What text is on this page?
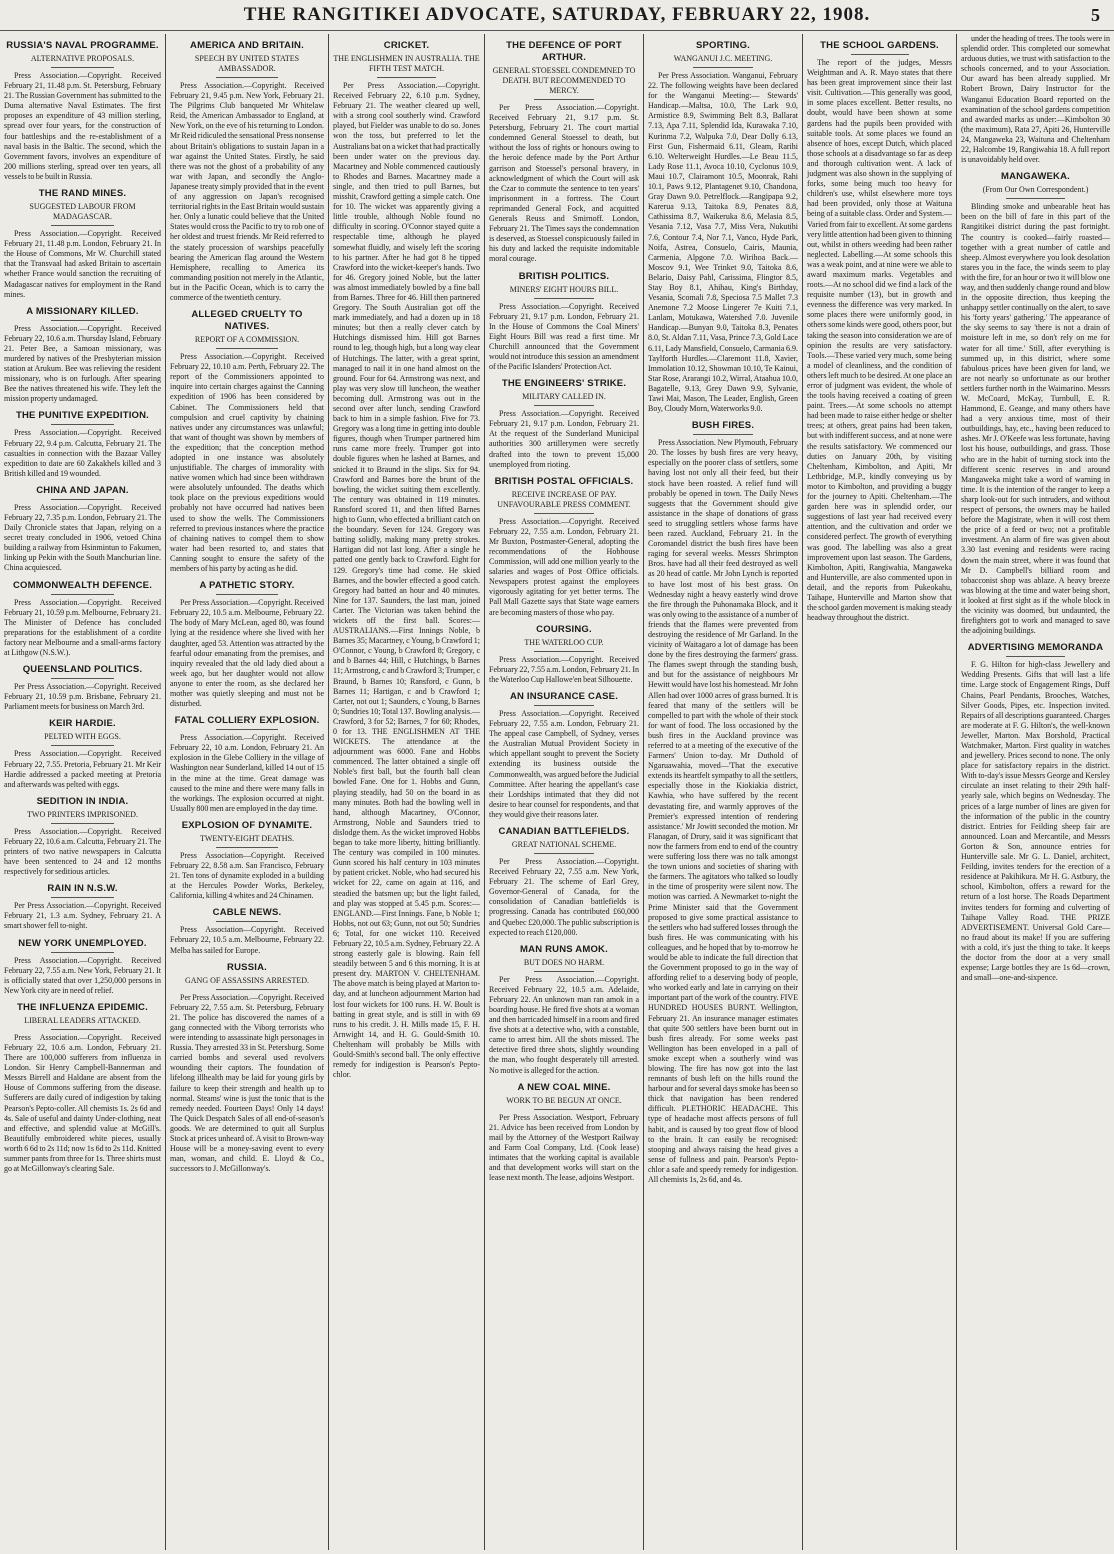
THE RANGITIKEI ADVOCATE, SATURDAY, FEBRUARY 22, 1908.	5
RUSSIA'S NAVAL PROGRAMME.
ALTERNATIVE PROPOSALS.
Press Association.—Copyright. Received February 21, 11.48 p.m. St. Petersburg, February 21. The Russian Government has submitted to the Duma alternative Naval Estimates. The first proposes an expenditure of 43 million sterling, spread over four years, for the construction of four battleships and the re-establishment of a naval basis in the Baltic. The second, which the Government favors, involves an expenditure of 200 millions sterling, spread over ten years, all vessels to be built in Russia.
THE RAND MINES.
SUGGESTED LABOUR FROM MADAGASCAR.
Press Association.—Copyright. Received February 21, 11.48 p.m. London, February 21. In the House of Commons, Mr W. Churchill stated that the Transvaal had asked Britain to ascertain whether France would sanction the recruiting of Madagascar natives for employment in the Rand mines.
A MISSIONARY KILLED.
Press Association.—Copyright. Received February 22, 10.6 a.m. Thursday Island, February 21. Peter Bee, a Samoan missionary, was murdered by natives of the Presbyterian mission station at Arukum. Bee was relieving the resident missionary, who is on furlough. After spearing Bee the natives threatened his wife. They left the mission property undamaged.
THE PUNITIVE EXPEDITION.
Press Association.—Copyright. Received February 22, 9.4 p.m. Calcutta, February 21. The casualties in connection with the Bazaar Valley expedition to date are 60 Zakakhels killed and 3 British killed and 19 wounded.
CHINA AND JAPAN.
Press Association.—Copyright. Received February 22, 7.35 p.m. London, February 21. The Daily Chronicle states that Japan, relying on a secret treaty concluded in 1906, vetoed China building a railway from Hsinmintun to Fakumen, linking up Pekin with the South Manchurian line. China acquiesced.
COMMONWEALTH DEFENCE.
Press Association.—Copyright. Received February 21, 10.59 p.m. Melbourne, February 21. The Minister of Defence has concluded preparations for the establishment of a cordite factory near Melbourne and a small-arms factory at Lithgow (N.S.W.).
QUEENSLAND POLITICS.
Per Press Association.—Copyright. Received February 21, 10.59 p.m. Brisbane, February 21. Parliament meets for business on March 3rd.
KEIR HARDIE.
PELTED WITH EGGS.
Press Association.—Copyright. Received February 22, 7.55. Pretoria, February 21. Mr Keir Hardie addressed a packed meeting at Pretoria and afterwards was pelted with eggs.
SEDITION IN INDIA.
TWO PRINTERS IMPRISONED.
Press Association.—Copyright. Received February 22, 10.6 a.m. Calcutta, February 21. The printers of two native newspapers in Calcutta have been sentenced to 24 and 12 months respectively for seditious articles.
RAIN IN N.S.W.
Per Press Association.—Copyright. Received February 21, 1.3 a.m. Sydney, February 21. A smart shower fell to-night.
NEW YORK UNEMPLOYED.
Press Association.—Copyright. Received February 22, 7.55 a.m. New York, February 21. It is officially stated that over 1,250,000 persons in New York city are in need of relief.
THE INFLUENZA EPIDEMIC.
LIBERAL LEADERS ATTACKED.
Press Association.—Copyright. Received February 22, 10.6 a.m. London, February 21. There are 100,000 sufferers from influenza in London. Sir Henry Campbell-Bannerman and Messrs Birrell and Haldane are absent from the House of Commons suffering from the disease. Sufferers are daily cured of indigestion by taking Pearson's Pepto-coller. All chemists 1s. 2s 6d and 4s. Sale of useful and dainty Under-clothing, neat and effective, and splendid value at McGill's. Beautifully embroidered white pieces, usually worth 6 6d to 2s 11d; now 1s 6d to 2s 11d. Knitted summer pants from three for 1s. Three shirts must go at McGillonway's clearing Sale.
AMERICA AND BRITAIN.
SPEECH BY UNITED STATES AMBASSADOR.
Press Association.—Copyright. Received February 21, 9.45 p.m. New York, February 21. The Pilgrims Club banqueted Mr Whitelaw Reid, the American Ambassador to England, at New York, on the eve of his returning to London. Mr Reid ridiculed the sensational Press nonsense about Britain's obligations to sustain Japan in a war against the United States. Firstly, he said there was not the ghost of a probability of any war with Japan, and secondly the Anglo-Japanese treaty simply provided that in the event of any aggression on Japan's recognised territorial rights in the East Britain would sustain her. Only a lunatic could believe that the United States would cross the Pacific to try to rob one of her oldest and truest friends. Mr Reid referred to the stately procession of warships peacefully bearing the American flag around the Western Hemisphere, recalling to America its commanding position not merely in the Atlantic, but in the Pacific Ocean, which is to carry the commerce of the twentieth century.
ALLEGED CRUELTY TO NATIVES.
REPORT OF A COMMISSION.
Press Association.—Copyright. Received February 22, 10.10 a.m. Perth, February 22. The report of the Commissioners appointed to inquire into certain charges against the Canning expedition of 1906 has been considered by Cabinet. The Commissioners held that compulsion and cruel captivity by chaining natives under any circumstances was unlawful; that want of thought was shown by members of the expedition; that the conception method adopted in one instance was absolutely unjustifiable. The charges of immorality with native women which had since been withdrawn were absolutely unfounded. The deaths which took place on the previous expeditions would probably not have occurred had natives been used to show the wells. The Commissioners referred to previous instances where the practice of chaining natives to compel them to show water had been resorted to, and states that Canning sought to ensure the safety of the members of his party by acting as he did.
A PATHETIC STORY.
Per Press Association.—Copyright. Received February 22, 10.5 a.m. Melbourne, February 22. The body of Mary McLean, aged 80, was found lying at the residence where she lived with her daughter, aged 53. Attention was attracted by the fearful odour emanating from the premises, and inquiry revealed that the old lady died about a week ago, but her daughter would not allow anyone to enter the room, as she declared her mother was quietly sleeping and must not be disturbed.
FATAL COLLIERY EXPLOSION.
Press Association.—Copyright. Received February 22, 10 a.m. London, February 21. An explosion in the Glebe Colliery in the village of Washington near Sunderland, killed 14 out of 15 in the mine at the time. Great damage was caused to the mine and there were many falls in the workings. The explosion occurred at night. Usually 800 men are employed in the day time.
EXPLOSION OF DYNAMITE.
TWENTY-EIGHT DEATHS.
Press Association—Copyright. Received February 22, 8.58 a.m. San Francisco, February 21. Ten tons of dynamite exploded in a building at the Hercules Powder Works, Berkeley, California, killing 4 whites and 24 Chinamen.
CABLE NEWS.
Press Association—Copyright. Received February 22, 10.5 a.m. Melbourne, February 22. Melba has sailed for Europe.
RUSSIA.
GANG OF ASSASSINS ARRESTED.
Per Press Association.—Copyright. Received February 22, 7.55 a.m. St. Petersburg, February 21. The police has discovered the names of a gang connected with the Viborg terrorists who were intending to assassinate high personages in Russia. They arrested 33 in St. Petersburg. Some carried bombs and several used revolvers wounding their captors. The foundation of lifelong illhealth may be laid for young girls by failure to keep their strength and health up to normal. Steams' wine is just the tonic that is the remedy needed. Fourteen Days! Only 14 days! The Quick Despatch Sales of all end-of-season's goods. We are determined to quit all Surplus Stock at prices unheard of. A visit to Brown-way House will be a money-saving event to every man, woman, and child. E. Lloyd & Co., successors to J. McGillonway's.
CRICKET.
THE ENGLISHMEN IN AUSTRALIA. THE FIFTH TEST MATCH.
Per Press Association.—Copyright. Received February 22, 6.10 p.m. Sydney, February 21. The weather cleared up well, with a strong cool southerly wind. Crawford played, but Fielder was unable to do so. Jones won the toss, but preferred to let the Australians bat on a wicket that had practically been under water on the previous day. Macartney and Noble commenced cautiously to Rhodes and Barnes. Macartney made a single, and then tried to pull Barnes, but misshit, Crawford getting a simple catch. One for 10. The wicket was apparently giving a little trouble, although Noble found no difficulty in scoring. O'Connor stayed quite a respectable time, although he played somewhat fluidly, and wisely left the scoring to his partner. After he had got 8 he tipped Crawford into the wicket-keeper's hands. Two for 46. Gregory joined Noble, but the latter was almost immediately bowled by a fine ball from Barnes. Three for 46. Hill then partnered Gregory. The South Australian got off the mark immediately, and had a dozen up in 18 minutes; but then a really clever catch by Hutchings dismissed him. Hill got Barnes round to leg, though high, but a long way clear of Hutchings. The latter, with a great sprint, managed to nail it in one hand almost on the ground. Four for 64. Armstrong was next, and play was very slow till luncheon, the weather becoming dull. Armstrong was out in the second over after lunch, sending Crawford back to him in a simple fashion. Five for 73. Gregory was a long time in getting into double figures, though when Trumper partnered him runs came more freely. Trumper got into double figures when he lashed at Barnes, and snicked it to Braund in the slips. Six for 94. Crawford and Barnes bore the brunt of the bowling, the wicket suiting them excellently. The century was obtained in 119 minutes. Ransford scored 11, and then lifted Barnes high to Gunn, who effected a brilliant catch on the boundary. Seven for 124. Gregory was batting solidly, making many pretty strokes. Hartigan did not last long. After a single he patted one gently back to Crawford. Eight for 129. Gregory's time had come. He skied Barnes, and the bowler effected a good catch. Gregory had batted an hour and 40 minutes. Nine for 137. Saunders, the last man, joined Carter. The Victorian was taken behind the wickets off the first ball. Scores:— AUSTRALIANS.—First Innings Noble, b Barnes 35; Macartney, c Young, b Crawford 1; O'Connor, c Young, b Crawford 8; Gregory, c and b Barnes 44; Hill, c Hutchings, b Barnes 11; Armstrong, c and b Crawford 3; Trumper, c Braund, b Barnes 10; Ransford, c Gunn, b Barnes 11; Hartigan, c and b Crawford 1; Carter, not out 1; Saunders, c Young, b Barnes 0; Sundries 10; Total 137. Bowling analysis.—Crawford, 3 for 52; Barnes, 7 for 60; Rhodes, 0 for 13. THE ENGLISHMEN AT THE WICKETS. The attendance at the adjournment was 6000. Fane and Hobbs commenced. The latter obtained a single off Noble's first ball, but the fourth ball clean bowled Fane. One for 1. Hobbs and Gunn, playing steadily, had 50 on the board in as many minutes. Both had the bowling well in hand, although Macartney, O'Connor, Armstrong, Noble and Saunders tried to dislodge them. As the wicket improved Hobbs began to take more liberty, hitting brilliantly. The century was compiled in 100 minutes. Gunn scored his half century in 103 minutes by patient cricket. Noble, who had secured his wicket for 22, came on again at 116, and steadied the batsmen up; but the light failed, and play was stopped at 5.45 p.m. Scores:— ENGLAND.—First Innings. Fane, b Noble 1; Hobbs, not out 63; Gunn, not out 50; Sundries 6; Total, for one wicket 110. Received February 22, 10.5 a.m. Sydney, February 22. A strong easterly gale is blowing. Rain fell steadily between 5 and 6 this morning. It is at present dry. MARTON V. CHELTENHAM. The above match is being played at Marton to-day, and at luncheon adjournment Marton had lost four wickets for 100 runs. H. W. Boult is batting in great style, and is still in with 69 runs to his credit. J. H. Mills made 15, F. H. Arnwight 14, and H. G. Gould-Smith 10. Cheltenham will probably be Mills with Gould-Smith's second ball. The only effective remedy for indigestion is Pearson's Pepto-chlor.
THE DEFENCE OF PORT ARTHUR.
GENERAL STOESSEL CONDEMNED TO DEATH. BUT RECOMMENDED TO MERCY.
Per Press Association.—Copyright. Received February 21, 9.17 p.m. St. Petersburg, February 21. The court martial condemned General Stoessel to death, but without the loss of rights or honours owing to the heroic defence made by the Port Arthur garrison and Stoessel's personal bravery, in acknowledgment of which the Court will ask the Czar to commute the sentence to ten years' imprisonment in a fortress. The Court reprimanded General Fock, and acquitted Generals Reuss and Smirnoff. London, February 21. The Times says the condemnation is deserved, as Stoessel conspicuously failed in his duty and lacked the requisite indomitable moral courage.
BRITISH POLITICS.
MINERS' EIGHT HOURS BILL.
Press Association.—Copyright. Received February 21, 9.17 p.m. London, February 21. In the House of Commons the Coal Miners' Eight Hours Bill was read a first time. Mr Churchill announced that the Government would not introduce this session an amendment of the Pacific Islanders' Protection Act.
THE ENGINEERS' STRIKE.
MILITARY CALLED IN.
Press Association.—Copyright. Received February 21, 9.17 p.m. London, February 21. At the request of the Sunderland Municipal authorities 300 artillerymen were secretly drafted into the town to prevent 15,000 unemployed from rioting.
BRITISH POSTAL OFFICIALS.
RECEIVE INCREASE OF PAY. UNFAVOURABLE PRESS COMMENT.
Press Association.—Copyright. Received February 22, 7.55 a.m. London, February 21. Mr Buxton, Postmaster-General, adopting the recommendations of the Hobhouse Commission, will add one million yearly to the salaries and wages of Post Office officials. Newspapers protest against the employees vigorously agitating for yet better terms. The Pall Mall Gazette says that State wage earners are becoming masters of those who pay.
COURSING.
THE WATERLOO CUP.
Press Association.—Copyright. Received February 22, 7.55 a.m. London, February 21. In the Waterloo Cup Hallowe'en beat Silhouette.
AN INSURANCE CASE.
Press Association.—Copyright. Received February 22, 7.55 a.m. London, February 21. The appeal case Campbell, of Sydney, verses the Australian Mutual Provident Society in which appellant sought to prevent the Society extending its business outside the Commonwealth, was argued before the Judicial Committee. After hearing the appellant's case their Lordships intimated that they did not desire to hear counsel for respondents, and that they would give their reasons later.
CANADIAN BATTLEFIELDS.
GREAT NATIONAL SCHEME.
Per Press Association.—Copyright. Received February 22, 7.55 a.m. New York, February 21. The scheme of Earl Grey, Governor-General of Canada, for the consolidation of Canadian battlefields is progressing. Canada has contributed £60,000 and Quebec £20,000. The public subscription is expected to reach £120,000.
MAN RUNS AMOK.
BUT DOES NO HARM.
Per Press Association.—Copyright. Received February 22, 10.5 a.m. Adelaide, February 22. An unknown man ran amok in a boarding house. He fired five shots at a woman and then barricaded himself in a room and fired five shots at a detective who, with a constable, came to arrest him. All the shots missed. The detective fired three shots, slightly wounding the man, who fought desperately till arrested. No motive is alleged for the action.
A NEW COAL MINE.
WORK TO BE BEGUN AT ONCE.
Per Press Association. Westport, February 21. Advice has been received from London by mail by the Attorney of the Westport Railway and Farm Coal Company, Ltd. (Cook lease) intimates that the working capital is available and that development works will start on the lease next month. The lease, adjoins Westport.
SPORTING.
WANGANUI J.C. MEETING.
Per Press Association. Wanganui, February 22. The following weights have been declared for the Wanganui Meeting:— Stewards' Handicap.—Maltsa, 10.0, The Lark 9.0, Armistice 8.9, Swimming Belt 8.3, Ballarat 7.13, Apa 7.11, Splendid Ida, Kurawaka 7.10, Kurinma 7.2, Walpuka 7.0, Dear Dolly 6.13, First Gun, Fishermaid 6.11, Gleam, Rarihi 6.10. Welterweight Hurdles.—Le Beau 11.5, Lady Rose 11.1, Avoca 10.10, Cyclonus 10.9, Maui 10.7, Clairamont 10.5, Moonrak, Rahi 10.1, Paws 9.12, Plantagenet 9.10, Chandona, Gray Dawn 9.0. Petrelflock.—Rangipapa 9.2, Karerua 9.13, Taitoka 8.9, Penates 8.8, Cathissima 8.7, Waikeruka 8.6, Melasia 8.5, Vesania 7.12, Vasa 7.7, Miss Vera, Nukutihi 7.6, Contour 7.4, Nor 7.1, Vanco, Hyde Park, Noifa, Astrea, Consuelo, Cairis, Maunia, Carmenia, Alpgone 7.0. Wirihoa Back.—Moscov 9.1, Wee Trinket 9.0, Taitoka 8.6, Belario, Daisy Pahl, Carissima, Flingtor 8.5, Stay Boy 8.1, Ahihau, King's Birthday, Vesania, Scomali 7.8, Speciosa 7.5 Mallet 7.3 Anemone 7.2 Moose Lingerer 7e Kuiti 7.1, Lanlam, Motukawa, Watershed 7.0. Juvenile Handicap.—Bunyan 9.0, Taitoka 8.3, Penates 8.0, St. Aldan 7.11, Vasa, Prince 7.3, Gold Lace 6.11, Lady Mansfield, Consuelo, Carmania 6.9. Taylforth Hurdles.—Claremont 11.8, Xavier, Immolation 10.12, Showman 10.10, Te Kainui, Star Rose, Ararangi 10.2, Wirral, Ataahua 10.0, Bagatelle, 9.13, Grey Dawn 9.9, Sylvanie, Tawi Mai, Mason, The Leader, English, Green Boy, Cloudy Morn, Waterworks 9.0.
BUSH FIRES.
Press Association. New Plymouth, February 20. The losses by bush fires are very heavy, especially on the poorer class of settlers, some having lost not only all their feed, but their stock have been roasted. A relief fund will probably be opened in town. The Daily News suggests that the Government should give assistance in the shape of donations of grass seed to struggling settlers whose farms have been razed. Auckland, February 21. In the Coromandel district the bush fires have been raging for several weeks. Messrs Shrimpton Bros. have had all their feed destroyed as well as 20 head of cattle. Mr John Lynch is reported to have lost most of his best grass. On Wednesday night a heavy easterly wind drove the fire through the Puhonamaka Block, and it was only owing to the assistance of a number of friends that the flames were prevented from destroying the residence of Mr Garland. In the vicinity of Waitagaro a lot of damage has been done by the fires destroying the farmers' grass. The flames swept through the standing bush, and but for the assistance of neighbours Mr Hewitt would have lost his homestead. Mr John Allen had over 1000 acres of grass burned. It is feared that many of the settlers will be compelled to part with the whole of their stock for want of food. The loss occasioned by the bush fires in the Auckland province was referred to at a meeting of the executive of the Farmers' Union to-day. Mr Duthold of Ngaruawahia, moved—'That the executive extends its heartfelt sympathy to all the settlers, especially those in the Kiokiakia district, Kawhia, who have suffered by the recent devastating fire, and warmly approves of the Premier's expressed intention of rendering assistance.' Mr Jowitt seconded the motion. Mr Flanagan, of Drury, said it was significant that now the farmers from end to end of the country were suffering loss there was no talk amongst the town unions and societies of sharing with the farmers. The agitators who talked so loudly in the time of prosperity were silent now. The motion was carried. A Newmarket to-night the Prime Minister said that the Government proposed to give some practical assistance to the settlers who had suffered losses through the bush fires. He was communicating with his colleagues, and he hoped that by to-morrow he would be able to indicate the full direction that the Government proposed to go in the way of affording relief to a deserving body of people, who worked early and late in carrying on their important part of the work of the country. FIVE HUNDRED HOUSES BURNT. Wellington, February 21. An insurance manager estimates that quite 500 settlers have been burnt out in bush fires already. For some weeks past Wellington has been enveloped in a pall of smoke except when a southerly wind was blowing. The fire has now got into the last remnants of bush left on the hills round the harbour and for several days smoke has been so thick that navigation has been rendered difficult. PLETHORIC HEADACHE. This type of headache most affects persons of full habit, and is caused by too great flow of blood to the brain. It can easily be recognised: stooping and always raising the head gives a sense of fullness and pain. Pearson's Pepto-chlor a safe and speedy remedy for indigestion. All chemists 1s, 2s 6d, and 4s.
THE SCHOOL GARDENS.
The report of the judges, Messrs Weightman and A. R. Mayo states that there has been great improvement since their last visit. Cultivation.—This generally was good, in some places excellent. Better results, no doubt, would have been shown at some gardens had the pupils been provided with suitable tools. At some places we found an absence of hoes, except Dutch, which placed those schools at a disadvantage so far as deep and thorough cultivation went. A lack of judgment was also shown in the supplying of forks, some being much too heavy for children's use, whilst elsewhere more toys had been provided, only those at Waituna being of a suitable class. Order and System.—Varied from fair to excellent. At some gardens very little attention had been given to thinning out, whilst in others weeding had been rather neglected. Labelling.—At some schools this was a weak point, and at nine were we able to award maximum marks. Vegetables and roots.—At no school did we find a lack of the requisite number (13), but in growth and evenness the difference was very marked. In some places there were uniformly good, in others some kinds were good, others poor, but taking the season into consideration we are of opinion the results are very satisfactory. Tools.—These varied very much, some being a model of cleanliness, and the condition of others left much to be desired. At one place an error of judgment was evident, the whole of the tools having received a coating of green paint. Trees.—At some schools no attempt had been made to raise either hedge or shelter trees; at others, great pains had been taken, but with indifferent success, and at none were the results satisfactory. We commenced our duties on January 20th, by visiting Cheltenham, Kimbolton, and Apiti, Mr Lethbridge, M.P., kindly conveying us by motor to Kimbolton, and providing a buggy for the journey to Apiti. Cheltenham.—The garden here was in splendid order, our suggestions of last year had received every attention, and the cultivation and order we considered perfect. The growth of everything was good. The labelling was also a great improvement upon last season. The Gardens, Kimbolton, Apiti, Rangiwahia, Mangaweka and Hunterville, are also commented upon in detail, and the reports from Pukeokahu, Taihape, Hunterville and Marton show that the school garden movement is making steady headway throughout the district.
under the heading of trees. The tools were in splendid order. This completed our somewhat arduous duties, we trust with satisfaction to the schools concerned, and to your Association. Our award has been already supplied. Mr Robert Brown, Dairy Instructor for the Wanganui Education Board reported on the examination of the school gardens competition and awarded marks as under:—Kimbolton 30 (the maximum), Rata 27, Apiti 26, Hunterville 24, Mangaweka 23, Waituna and Cheltenham 22, Halcombe 19, Rangiwahia 18. A full report is unavoidably held over.
MANGAWEKA.
(From Our Own Correspondent.)
Blinding smoke and unbearable heat has been on the bill of fare in this part of the Rangitikei district during the past fortnight. The country is cooked—fairly roasted—together with a great number of cattle and sheep. Almost everywhere you look desolation stares you in the face, the winds seem to play with the fire, for an hour or two it will blow one way, and then suddenly change round and blow in the opposite direction, thus keeping the unhappy settler continually on the alert, to save his 'forty years' gathering.' The appearance of the sky seems to say 'there is not a drain of moisture left in me, so don't rely on me for water for all time.' Still, after everything is summed up, in this district, where some fabulous prices have been given for land, we are not nearly so unfortunate as our brother settlers further north in the Waimarino. Messrs W. McCoard, McKay, Turnbull, E. R. Hammond, E. Geange, and many others have had a very anxious time, most of their outbuildings, hay, etc., having been reduced to ashes. Mr J. O'Keefe was less fortunate, having lost his house, outbuildings, and grass. Those who are in the habit of turning stock into the different scenic reserves in and around Mangaweka might take a word of warning in time. It is the intention of the ranger to keep a sharp look-out for such intruders, and without respect of persons, the owners may be hailed before the Magistrate, when it will cost them the price of a feed or two; not a profitable investment. An alarm of fire was given about 3.30 last evening and residents were racing down the main street, where it was found that Mr D. Campbell's billiard room and tobacconist shop was ablaze. A heavy breeze was blowing at the time and water being short, it looked at first sight as if the whole block in the vicinity was doomed, but undaunted, the firefighters got to work and managed to save the adjoining buildings.
ADVERTISING MEMORANDA
F. G. Hilton for high-class Jewellery and Wedding Presents. Gifts that will last a life time. Large stock of Engagement Rings, Duff Chains, Pearl Pendants, Brooches, Watches, Silver Goods, Pipes, etc. Inspection invited. Repairs of all descriptions guaranteed. Charges are moderate at F. G. Hilton's, the well-known Jeweller, Marton. Max Borshold, Practical Watchmaker, Marton. First quality in watches and jewellery. Prices second to none. The only place for satisfactory repairs in the district. With to-day's issue Messrs George and Kersley circulate an inset relating to their 29th half-yearly sale, which begins on Wednesday. The prices of a large number of lines are given for the information of the public in the country district. Entries for Feilding sheep fair are announced. Loan and Mercantile, and Messrs Gorton & Son, announce entries for Hunterville sale. Mr G. L. Daniel, architect, Feilding, invites tenders for the erection of a residence at Pakihikura. Mr H. G. Astbury, the school, Kimbolton, offers a reward for the return of a lost horse. The Roads Department invites tenders for forming and culverting of Taihape Valley Road. THE PRIZE ADVERTISEMENT. Universal Gold Care—no fraud about its make! If you are suffering with a cold, it's just the thing to take. It keeps the doctor from the door at a very small expense; Large bottles they are 1s 6d—crown, and small—one-and-sixpence.
